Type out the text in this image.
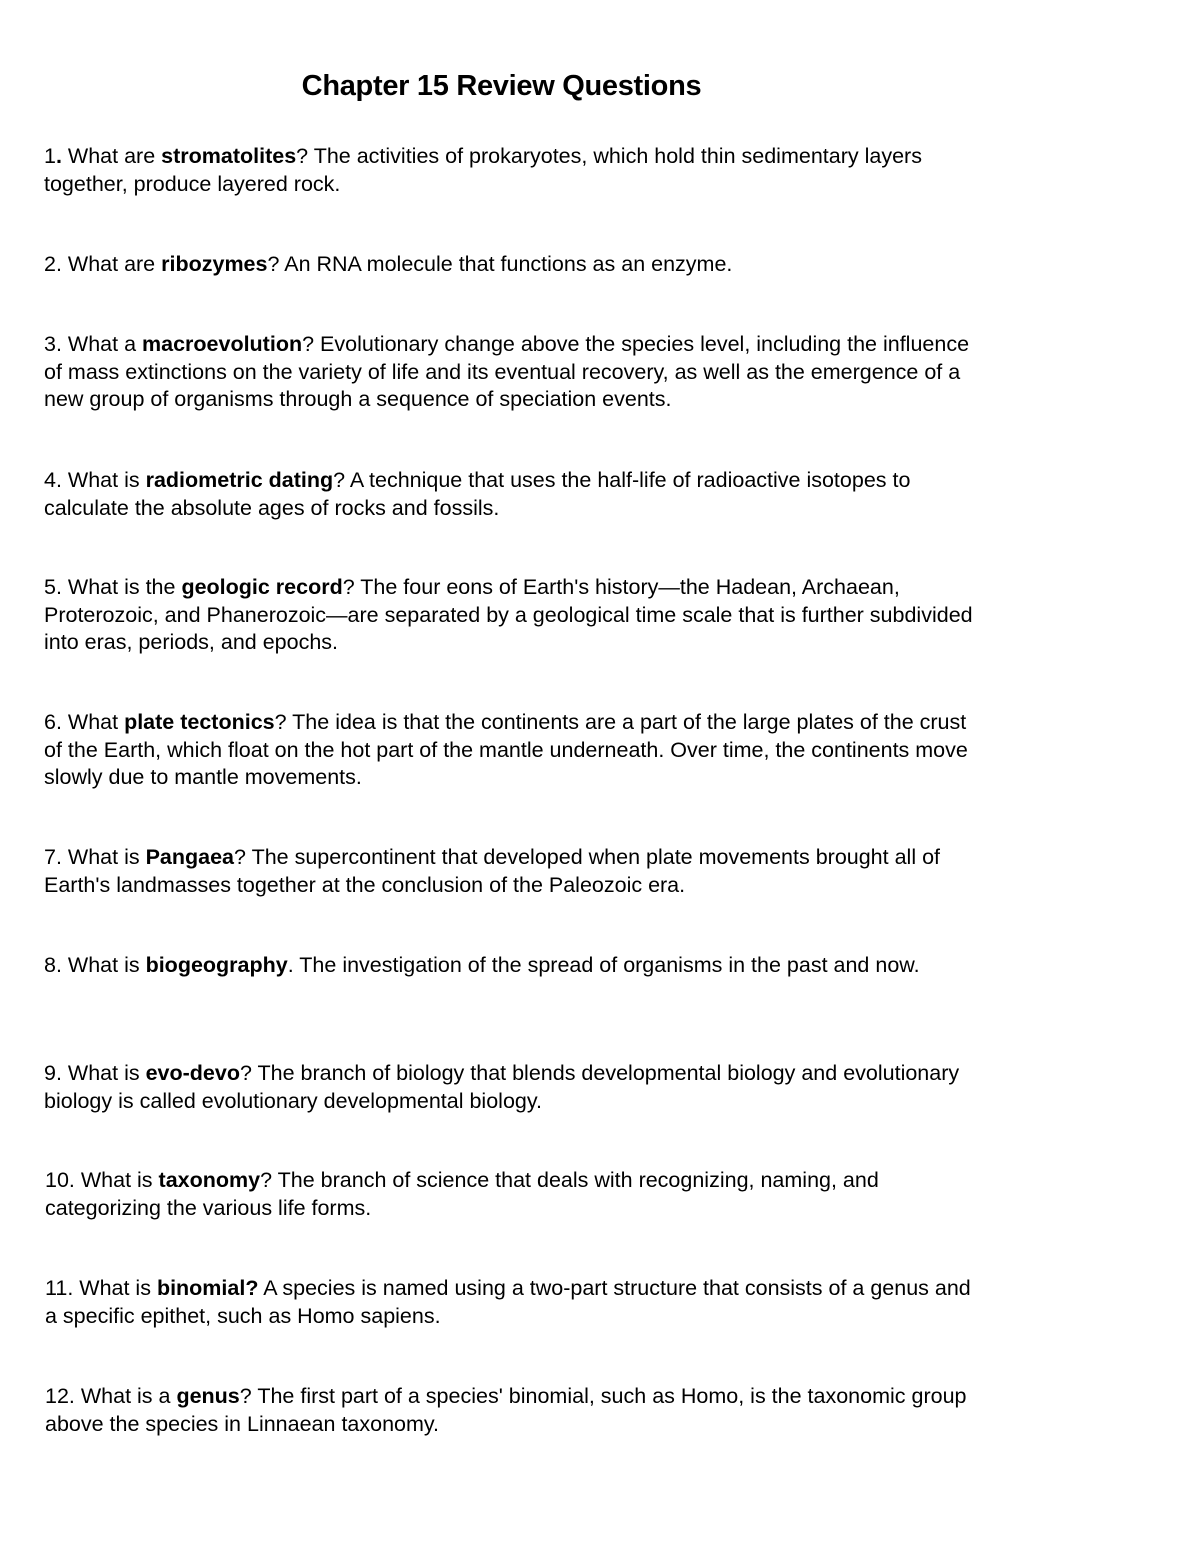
Chapter 15 Review Questions

1. What are stromatolites? The activities of prokaryotes, which hold thin sedimentary layers together, produce layered rock.

2. What are ribozymes? An RNA molecule that functions as an enzyme.

3. What a macroevolution? Evolutionary change above the species level, including the influence of mass extinctions on the variety of life and its eventual recovery, as well as the emergence of a new group of organisms through a sequence of speciation events.

4. What is radiometric dating? A technique that uses the half-life of radioactive isotopes to calculate the absolute ages of rocks and fossils.

5. What is the geologic record? The four eons of Earth's history—the Hadean, Archaean, Proterozoic, and Phanerozoic—are separated by a geological time scale that is further subdivided into eras, periods, and epochs.

6. What plate tectonics? The idea is that the continents are a part of the large plates of the crust of the Earth, which float on the hot part of the mantle underneath. Over time, the continents move slowly due to mantle movements.

7. What is Pangaea? The supercontinent that developed when plate movements brought all of Earth's landmasses together at the conclusion of the Paleozoic era.

8. What is biogeography. The investigation of the spread of organisms in the past and now.

9. What is evo-devo? The branch of biology that blends developmental biology and evolutionary biology is called evolutionary developmental biology.

10. What is taxonomy? The branch of science that deals with recognizing, naming, and categorizing the various life forms.

11. What is binomial? A species is named using a two-part structure that consists of a genus and a specific epithet, such as Homo sapiens.

12. What is a genus? The first part of a species' binomial, such as Homo, is the taxonomic group above the species in Linnaean taxonomy.
